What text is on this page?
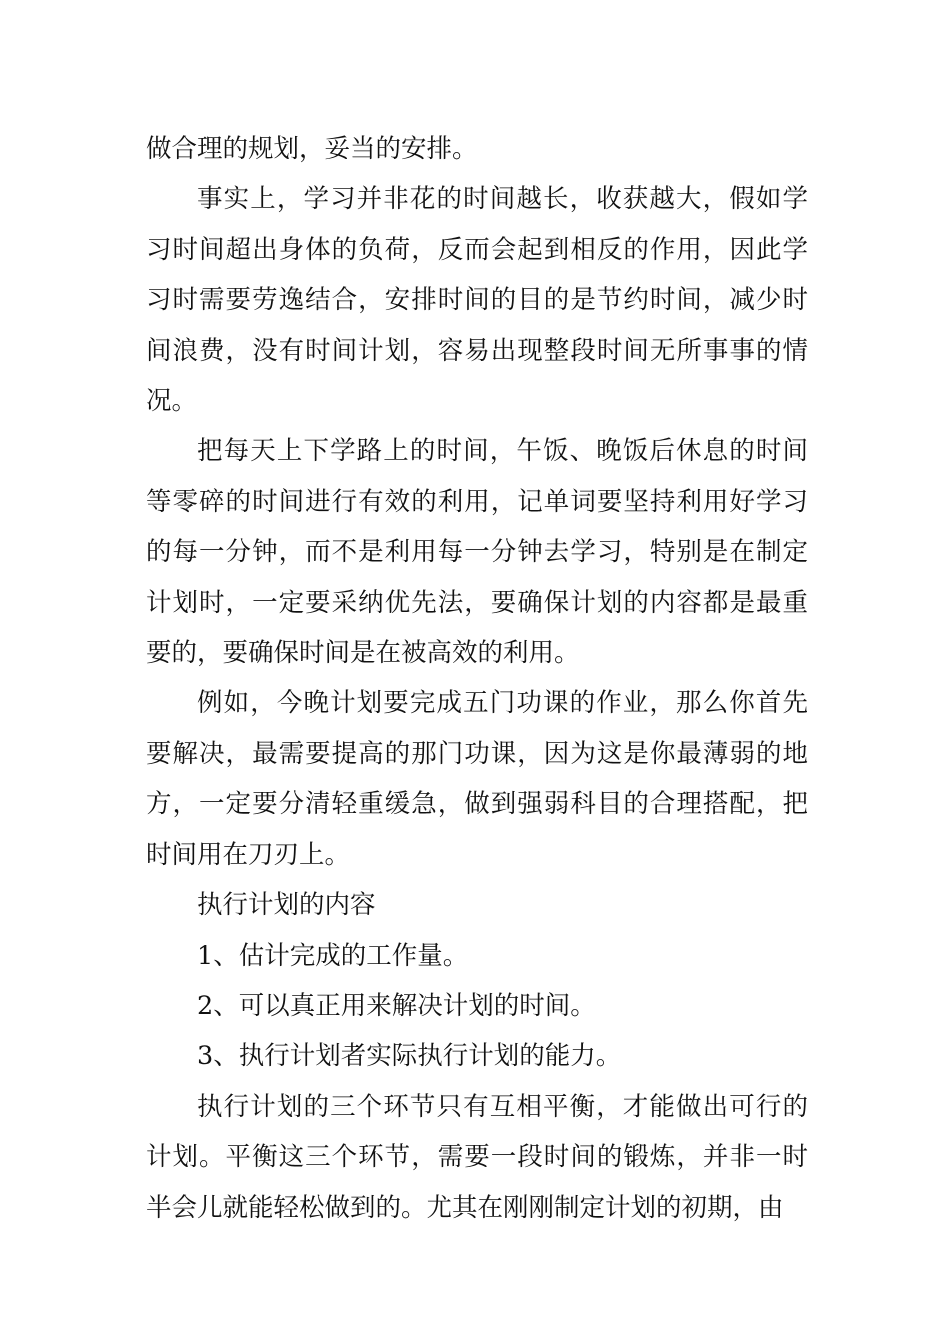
做合理的规划，妥当的安排。

事实上，学习并非花的时间越长，收获越大，假如学习时间超出身体的负荷，反而会起到相反的作用，因此学习时需要劳逸结合，安排时间的目的是节约时间，减少时间浪费，没有时间计划，容易出现整段时间无所事事的情况。

把每天上下学路上的时间，午饭、晚饭后休息的时间等零碎的时间进行有效的利用，记单词要坚持利用好学习的每一分钟，而不是利用每一分钟去学习，特别是在制定计划时，一定要采纳优先法，要确保计划的内容都是最重要的，要确保时间是在被高效的利用。

例如，今晚计划要完成五门功课的作业，那么你首先要解决，最需要提高的那门功课，因为这是你最薄弱的地方，一定要分清轻重缓急，做到强弱科目的合理搭配，把时间用在刀刃上。

执行计划的内容

1、估计完成的工作量。

2、可以真正用来解决计划的时间。

3、执行计划者实际执行计划的能力。

执行计划的三个环节只有互相平衡，才能做出可行的计划。平衡这三个环节，需要一段时间的锻炼，并非一时半会儿就能轻松做到的。尤其在刚刚制定计划的初期，由
